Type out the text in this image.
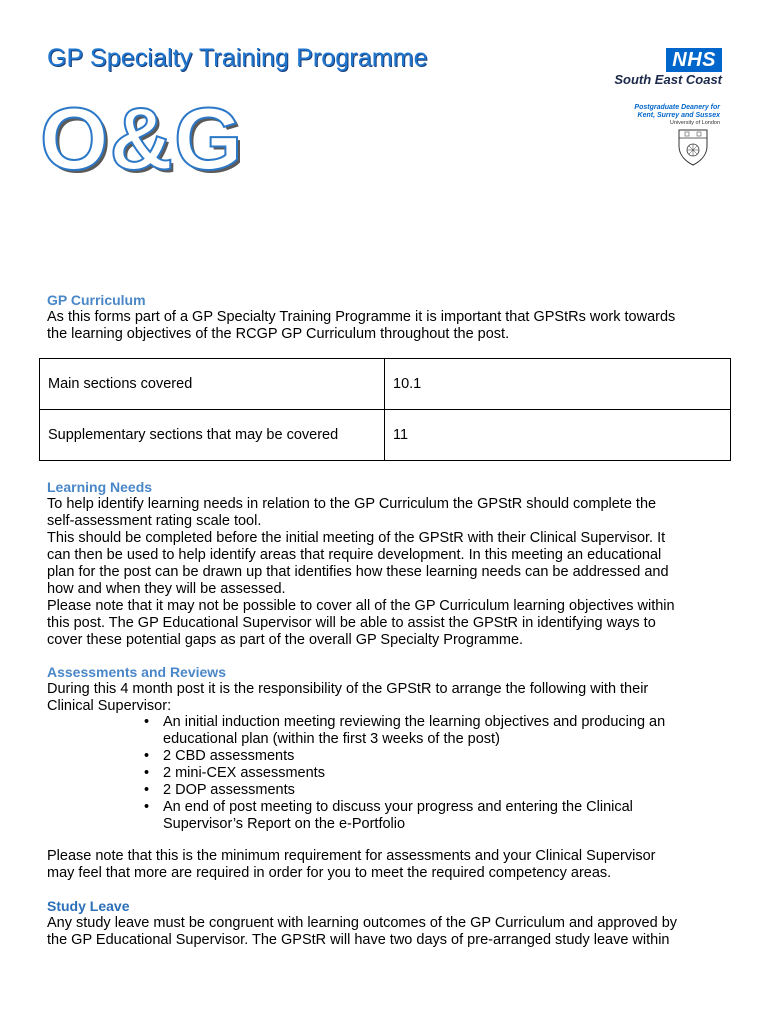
GP Specialty Training Programme
O&G
NHS
South East Coast
Postgraduate Deanery for
Kent, Surrey and Sussex
University of London
GP Curriculum
As this forms part of a GP Specialty Training Programme it is important that GPStRs work towards
the learning objectives of the RCGP GP Curriculum throughout the post.
Main sections covered	10.1
Supplementary sections that may be covered	11
Learning Needs
To help identify learning needs in relation to the GP Curriculum the GPStR should complete the
self-assessment rating scale tool.
This should be completed before the initial meeting of the GPStR with their Clinical Supervisor. It
can then be used to help identify areas that require development. In this meeting an educational
plan for the post can be drawn up that identifies how these learning needs can be addressed and
how and when they will be assessed.
Please note that it may not be possible to cover all of the GP Curriculum learning objectives within
this post. The GP Educational Supervisor will be able to assist the GPStR in identifying ways to
cover these potential gaps as part of the overall GP Specialty Programme.
Assessments and Reviews
During this 4 month post it is the responsibility of the GPStR to arrange the following with their
Clinical Supervisor:
• An initial induction meeting reviewing the learning objectives and producing an
educational plan (within the first 3 weeks of the post)
• 2 CBD assessments
• 2 mini-CEX assessments
• 2 DOP assessments
• An end of post meeting to discuss your progress and entering the Clinical
Supervisor’s Report on the e-Portfolio
Please note that this is the minimum requirement for assessments and your Clinical Supervisor
may feel that more are required in order for you to meet the required competency areas.
Study Leave
Any study leave must be congruent with learning outcomes of the GP Curriculum and approved by
the GP Educational Supervisor. The GPStR will have two days of pre-arranged study leave within
